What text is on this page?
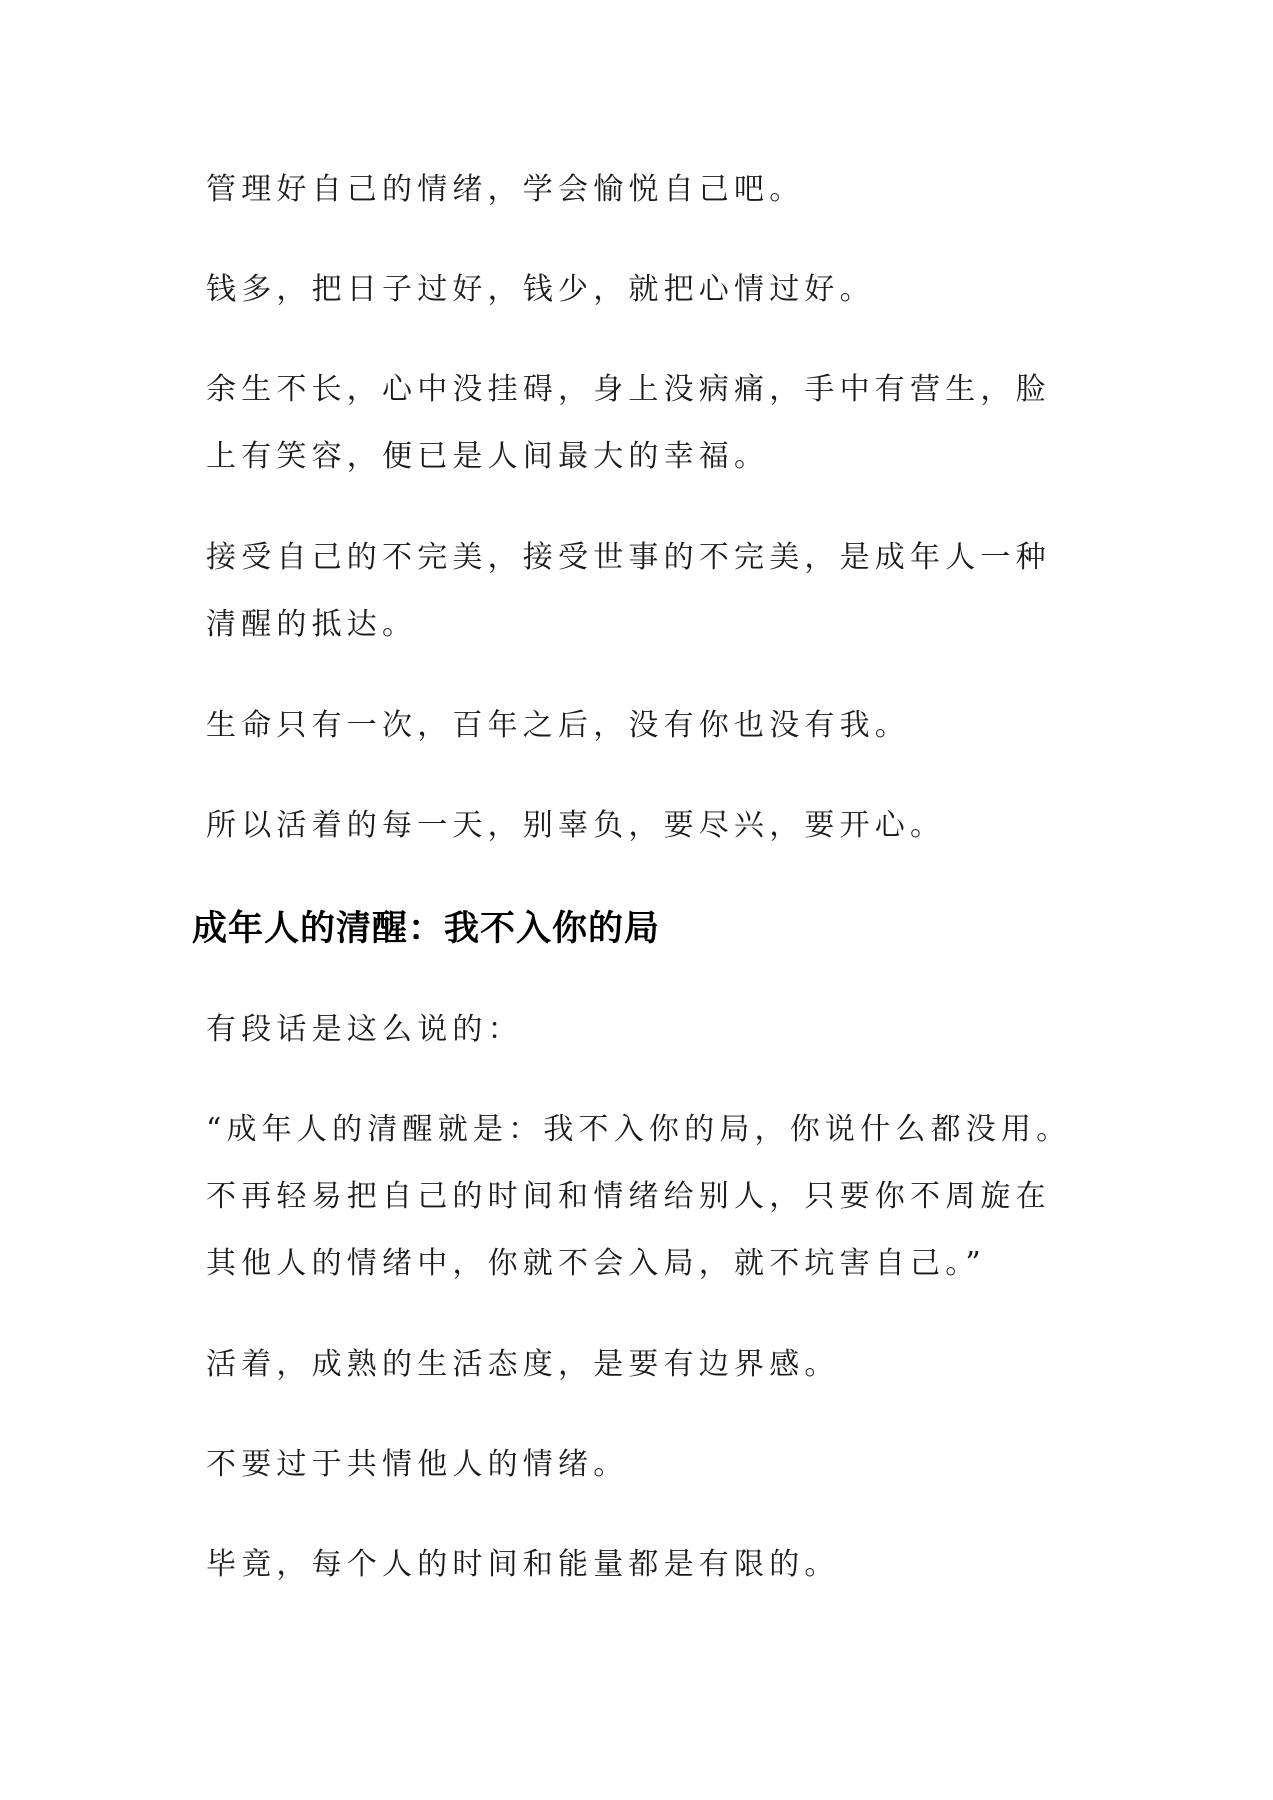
管理好自己的情绪，学会愉悦自己吧。

钱多，把日子过好，钱少，就把心情过好。

余生不长，心中没挂碍，身上没病痛，手中有营生，脸上有笑容，便已是人间最大的幸福。

接受自己的不完美，接受世事的不完美，是成年人一种清醒的抵达。

生命只有一次，百年之后，没有你也没有我。

所以活着的每一天，别辜负，要尽兴，要开心。

成年人的清醒：我不入你的局

有段话是这么说的：

“成年人的清醒就是：我不入你的局，你说什么都没用。不再轻易把自己的时间和情绪给别人，只要你不周旋在其他人的情绪中，你就不会入局，就不坑害自己。”

活着，成熟的生活态度，是要有边界感。

不要过于共情他人的情绪。

毕竟，每个人的时间和能量都是有限的。
